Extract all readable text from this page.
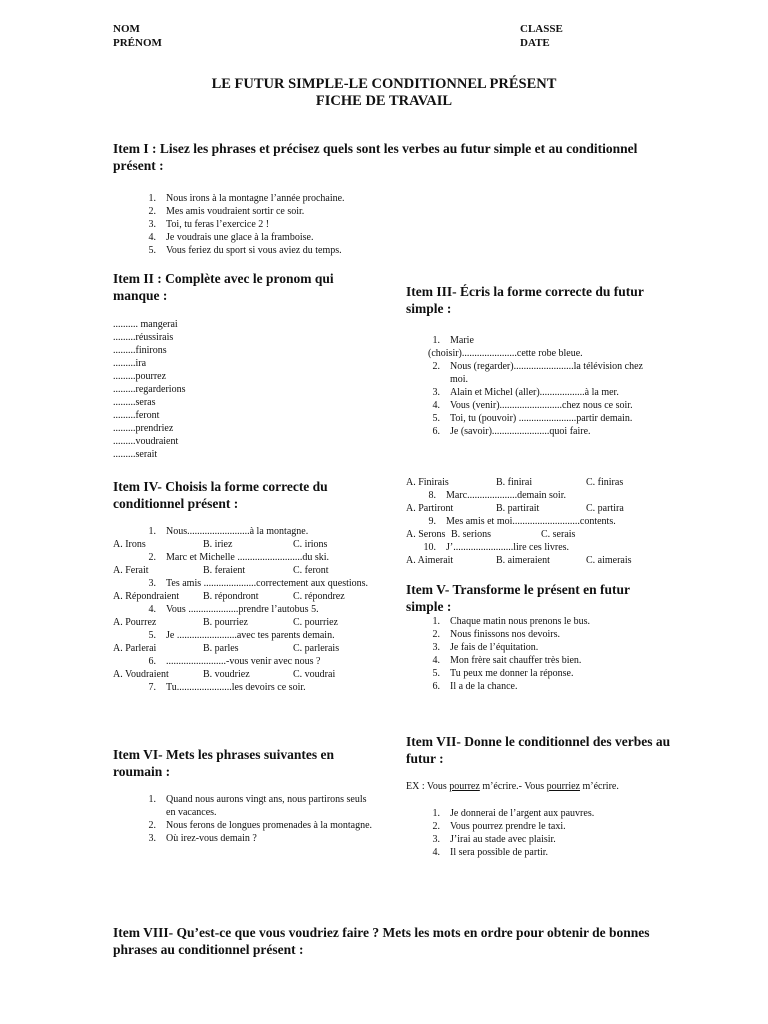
NOM
PRÉNOM
CLASSE
DATE
LE FUTUR SIMPLE-LE CONDITIONNEL PRÉSENT
FICHE DE TRAVAIL
Item I : Lisez les phrases et précisez quels sont les verbes au futur simple et au conditionnel présent :
1.	Nous irons à la montagne l’année prochaine.
2.	Mes amis voudraient sortir ce soir.
3.	Toi, tu feras l’exercice 2 !
4.	Je voudrais une glace à la framboise.
5.	Vous feriez du sport si vous aviez du temps.
Item II : Complète avec le pronom qui manque :
.......... mangerai
.........réussirais
.........finirons
.........ira
.........pourrez
.........regarderions
.........seras
.........feront
.........prendriez
.........voudraient
.........serait
Item III- Écris la forme correcte du futur simple :
1.	Marie
(choisir)......................cette robe bleue.
2.	Nous (regarder)........................la télévision chez moi.
3.	Alain et Michel (aller)..................à la mer.
4.	Vous (venir).........................chez nous ce soir.
5.	Toi, tu (pouvoir) .......................partir demain.
6.	Je (savoir).......................quoi faire.
A. Finirais	B. finirai	C. finiras
8.	Marc....................demain soir.
A. Partiront	B. partirait	C. partira
9.	Mes amis et moi...........................contents.
A. Serons B. serions	C. serais
10.	J’........................lire ces livres.
A. Aimerait	B. aimeraient	C. aimerais
Item IV- Choisis la forme correcte du conditionnel présent :
1.	Nous.........................à la montagne.
A. Irons	B. iriez	C. irions
2.	Marc et Michelle ..........................du ski.
A. Ferait	B. feraient	C. feront
3.	Tes amis .....................correctement aux questions.
A. Répondraient	B. répondront	C. répondrez
4.	Vous ....................prendre l’autobus 5.
A. Pourrez	B. pourriez	C. pourriez
5.	Je ........................avec tes parents demain.
A. Parlerai	B. parles	C. parlerais
6.	........................-vous venir avec nous ?
A. Voudraient	B. voudriez	C. voudrai
7.	Tu......................les devoirs ce soir.
Item V- Transforme le présent en futur simple :
1.	Chaque matin nous prenons le bus.
2.	Nous finissons nos devoirs.
3.	Je fais de l’équitation.
4.	Mon frère sait chauffer très bien.
5.	Tu peux me donner la réponse.
6.	Il a de la chance.
Item VI- Mets les phrases suivantes en roumain :
1.	Quand nous aurons vingt ans, nous partirons seuls en vacances.
2.	Nous ferons de longues promenades à la montagne.
3.	Où irez-vous demain ?
Item VII- Donne le conditionnel des verbes au futur :
EX : Vous pourrez m’écrire.- Vous pourriez m’écrire.
1.	Je donnerai de l’argent aux pauvres.
2.	Vous pourrez prendre le taxi.
3.	J’irai au stade avec plaisir.
4.	Il sera possible de partir.
Item VIII- Qu’est-ce que vous voudriez faire ? Mets les mots en ordre pour obtenir de bonnes phrases au conditionnel présent :
